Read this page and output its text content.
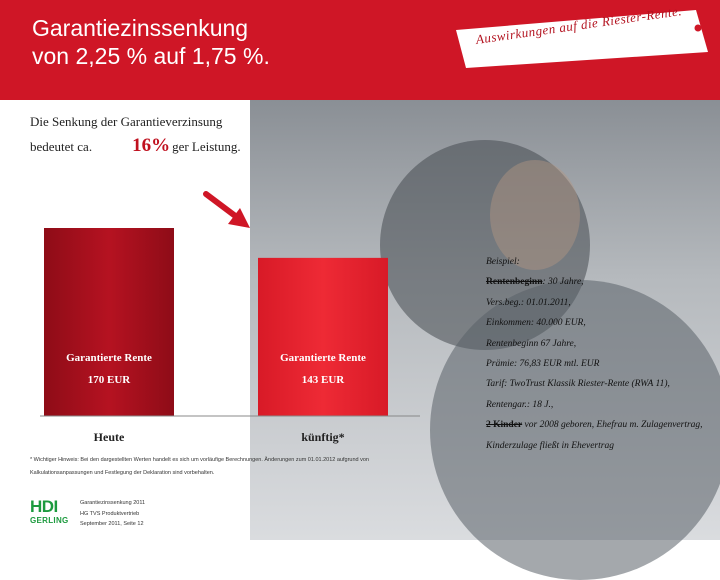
Garantiezinssenkung
von 2,25 % auf 1,75 %.
Auswirkungen auf die Riester-Rente.
Die Senkung der Garantieverzinsung
bedeutet ca. 16% ger Leistung.
Garantierte Rente
170 EUR
Heute
Garantierte Rente
143 EUR
künftig*
Beispiel:
Rentenbeginn: 30 Jahre,
Vers.beg.: 01.01.2011,
Einkommen: 40.000 EUR,
Rentenbeginn 67 Jahre,
Prämie: 76,83 EUR mtl. EUR
Tarif: TwoTrust Klassik Riester-Rente (RWA 11),
Rentengar.: 18 J.,
2 Kinder vor 2008 geboren, Ehefrau m. Zulagenvertrag,
Kinderzulage fließt in Ehevertrag
* Wichtiger Hinweis: Bei den dargestellten Werten handelt es sich um vorläufige Berechnungen. Änderungen zum 01.01.2012 aufgrund von
Kalkulationsanpassungen und Festlegung der Deklaration sind vorbehalten.
HDI
GERLING
Garantiezinssenkung 2011
HG TVS Produktvertrieb
September 2011, Seite 12
